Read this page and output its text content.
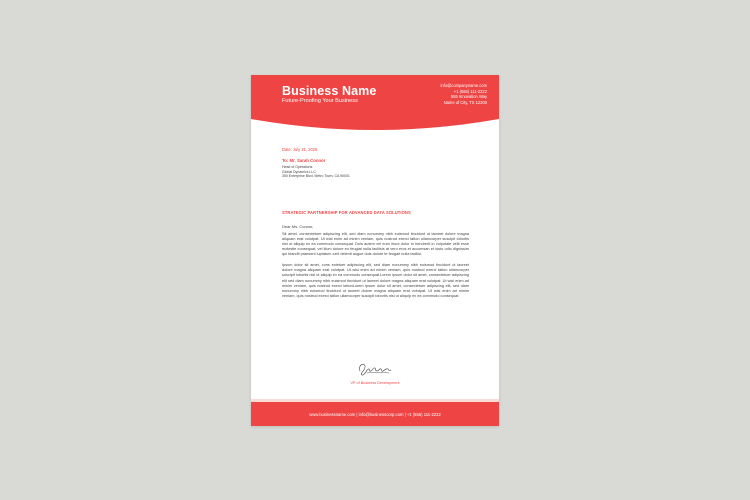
Business Name
Future-Proofing Your Business
info@companyname.com
+1 (555) 111-2222
555 Innovation Way
Name of City, TX 12300
Date: July 21, 2025
To: Mr. Sarah Connor
Head of Operations
Global Dynamics LLC
350 Enterprise Blvd, Metro Town, CA 90001
STRATEGIC PARTNERSHIP FOR ADVANCED DATA SOLUTIONS
Dear Ms. Connor,
Sit amet, consectetuer adipiscing elit, sed diam nonummy nibh euismod tincidunt ut laoreet dolore magna aliquam erat volutpat. Ut wisi enim ad minim veniam, quis nostrud exerci tation ullamcorper suscipit lobortis nisl ut aliquip ex ea commodo consequat. Duis autem vel eum iriure dolor in hendrerit in vulputate velit esse molestie consequat, vel illum dolore eu feugiat nulla facilisis at vero eros et accumsan et iusto odio dignissim qui blandit praesent luptatum zzril delenit augue duis dolore te feugait nulla facilisi.
Ipsum dolor sit amet, cons ectetuer adipiscing elit, sed diam nonummy nibh euismod tincidunt ut laoreet dolore magna aliquam erat volutpat. Ut wisi enim ad minim veniam, quis nostrud exerci tation ullamcorper suscipit lobortis nisl ut aliquip ex ea commodo consequat.Lorem ipsum dolor sit amet, consectetuer adipiscing elit sed diam nonummy nibh euismod tincidunt ut laoreet dolore magna aliquam erat volutpat. Ut wisi enim ad minim veniam, quis nostrud exerci tationLorem ipsum dolor sit amet, consectetuer adipiscing elit, sed diam nonummy nibh euismod tincidunt ut laoreet dolore magna aliquam erat volutpat. Ut wisi enim ad minim veniam, quis nostrud exerci tation ullamcorper suscipit lobortis nisl ut aliquip ex ea commodo consequat.
VP of Business Development
www.businessname.com | info@businesscorp.com | +1 (555) 111-2222
